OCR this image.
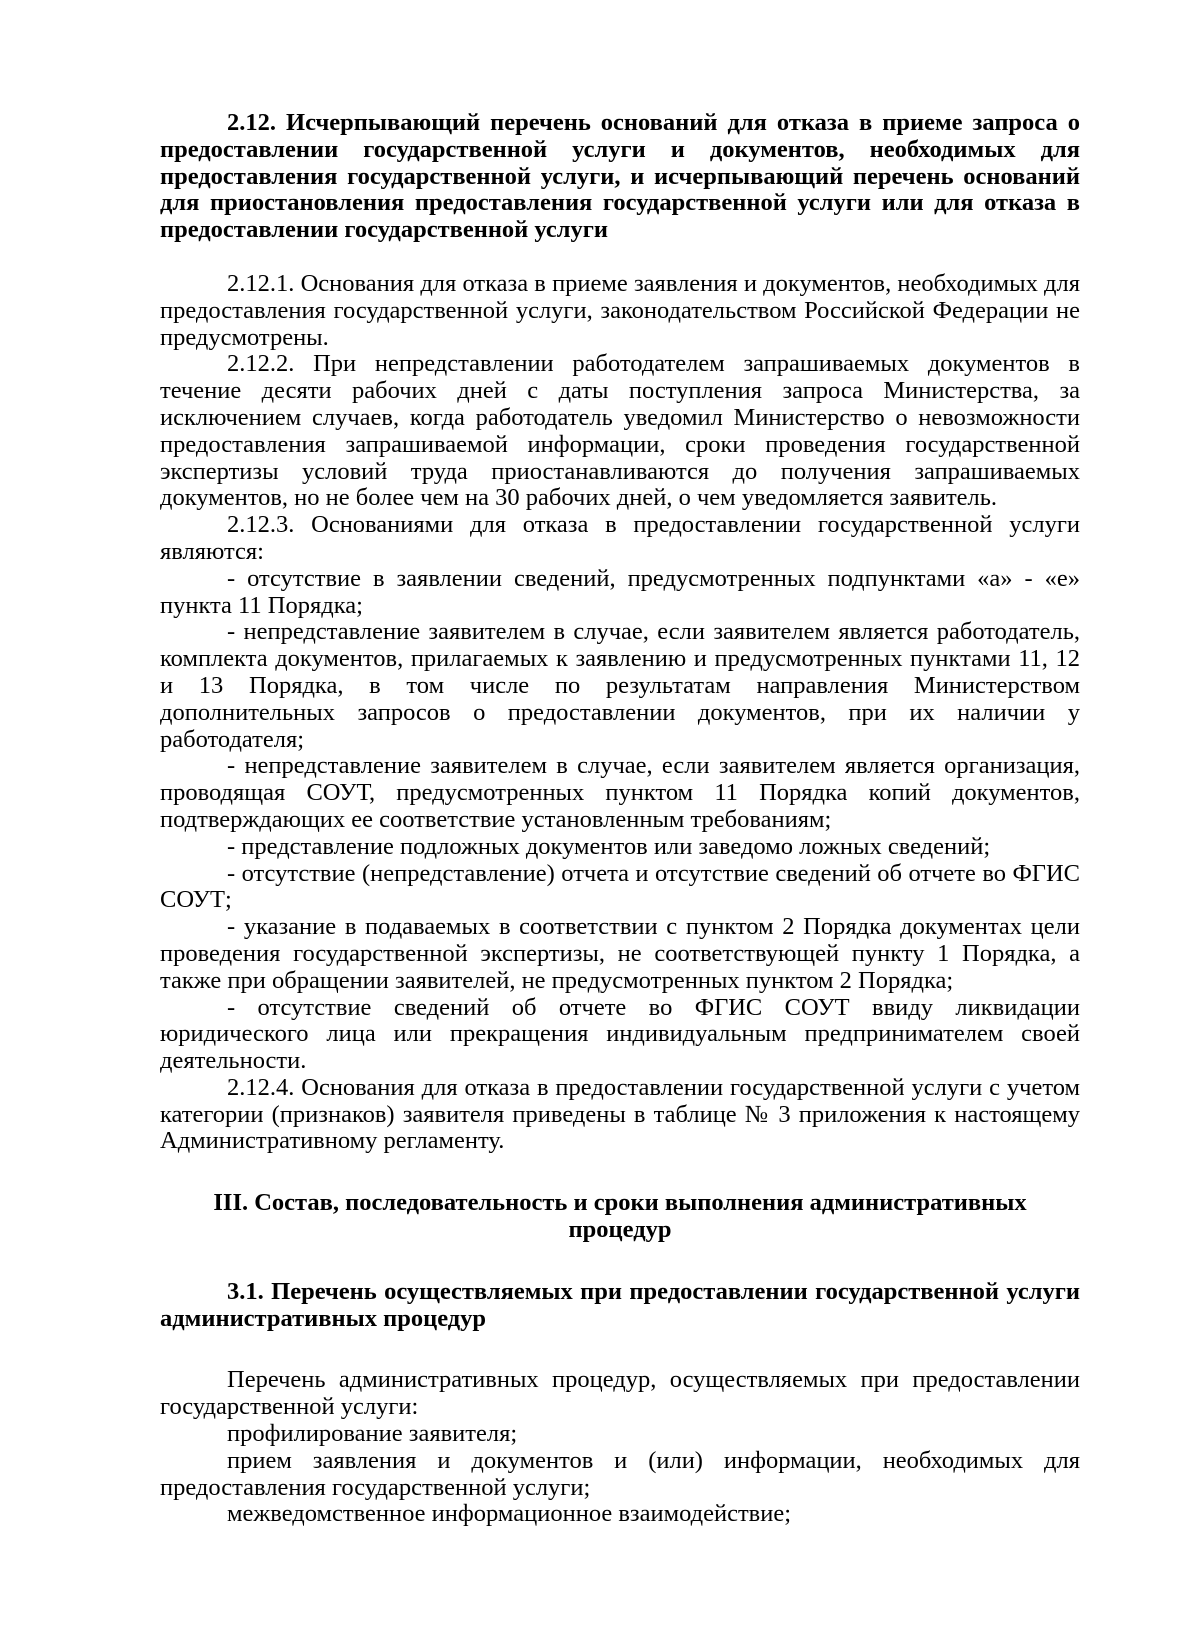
2.12. Исчерпывающий перечень оснований для отказа в приеме запроса о предоставлении государственной услуги и документов, необходимых для предоставления государственной услуги, и исчерпывающий перечень оснований для приостановления предоставления государственной услуги или для отказа в предоставлении государственной услуги

2.12.1. Основания для отказа в приеме заявления и документов, необходимых для предоставления государственной услуги, законодательством Российской Федерации не предусмотрены.

2.12.2. При непредставлении работодателем запрашиваемых документов в течение десяти рабочих дней с даты поступления запроса Министерства, за исключением случаев, когда работодатель уведомил Министерство о невозможности предоставления запрашиваемой информации, сроки проведения государственной экспертизы условий труда приостанавливаются до получения запрашиваемых документов, но не более чем на 30 рабочих дней, о чем уведомляется заявитель.

2.12.3. Основаниями для отказа в предоставлении государственной услуги являются:

- отсутствие в заявлении сведений, предусмотренных подпунктами «а» - «е» пункта 11 Порядка;

- непредставление заявителем в случае, если заявителем является работодатель, комплекта документов, прилагаемых к заявлению и предусмотренных пунктами 11, 12 и 13 Порядка, в том числе по результатам направления Министерством дополнительных запросов о предоставлении документов, при их наличии у работодателя;

- непредставление заявителем в случае, если заявителем является организация, проводящая СОУТ, предусмотренных пунктом 11 Порядка копий документов, подтверждающих ее соответствие установленным требованиям;

- представление подложных документов или заведомо ложных сведений;

- отсутствие (непредставление) отчета и отсутствие сведений об отчете во ФГИС СОУТ;

- указание в подаваемых в соответствии с пунктом 2 Порядка документах цели проведения государственной экспертизы, не соответствующей пункту 1 Порядка, а также при обращении заявителей, не предусмотренных пунктом 2 Порядка;

- отсутствие сведений об отчете во ФГИС СОУТ ввиду ликвидации юридического лица или прекращения индивидуальным предпринимателем своей деятельности.

2.12.4. Основания для отказа в предоставлении государственной услуги с учетом категории (признаков) заявителя приведены в таблице № 3 приложения к настоящему Административному регламенту.

III. Состав, последовательность и сроки выполнения административных процедур

3.1. Перечень осуществляемых при предоставлении государственной услуги административных процедур

Перечень административных процедур, осуществляемых при предоставлении государственной услуги:

профилирование заявителя;

прием заявления и документов и (или) информации, необходимых для предоставления государственной услуги;

межведомственное информационное взаимодействие;
